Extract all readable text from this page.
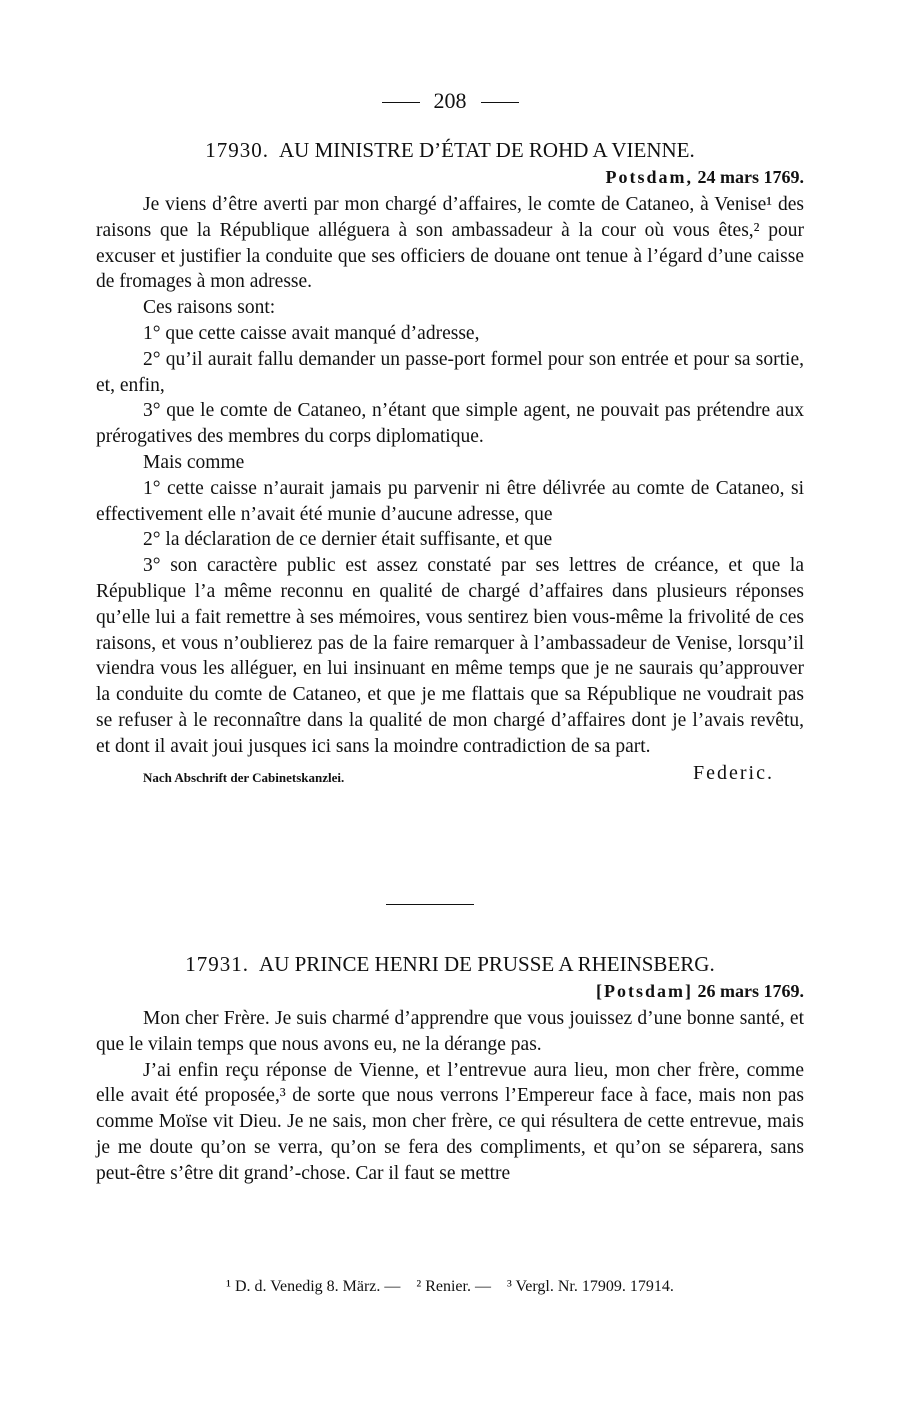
208
17930. AU MINISTRE D’ÉTAT DE ROHD A VIENNE.
Potsdam, 24 mars 1769.

Je viens d’être averti par mon chargé d’affaires, le comte de Cataneo, à Venise¹ des raisons que la République alléguera à son ambassadeur à la cour où vous êtes,² pour excuser et justifier la conduite que ses officiers de douane ont tenue à l’égard d’une caisse de fromages à mon adresse.

Ces raisons sont:

1° que cette caisse avait manqué d’adresse,

2° qu’il aurait fallu demander un passe-port formel pour son entrée et pour sa sortie, et, enfin,

3° que le comte de Cataneo, n’étant que simple agent, ne pouvait pas prétendre aux prérogatives des membres du corps diplomatique.

Mais comme

1° cette caisse n’aurait jamais pu parvenir ni être délivrée au comte de Cataneo, si effectivement elle n’avait été munie d’aucune adresse, que

2° la déclaration de ce dernier était suffisante, et que

3° son caractère public est assez constaté par ses lettres de créance, et que la République l’a même reconnu en qualité de chargé d’affaires dans plusieurs réponses qu’elle lui a fait remettre à ses mémoires, vous sentirez bien vous-même la frivolité de ces raisons, et vous n’oublierez pas de la faire remarquer à l’ambassadeur de Venise, lorsqu’il viendra vous les alléguer, en lui insinuant en même temps que je ne saurais qu’approuver la conduite du comte de Cataneo, et que je me flattais que sa République ne voudrait pas se refuser à le reconnaître dans la qualité de mon chargé d’affaires dont je l’avais revêtu, et dont il avait joui jusques ici sans la moindre contradiction de sa part.

Nach Abschrift der Cabinetskanzlei.	Federic.
17931. AU PRINCE HENRI DE PRUSSE A RHEINSBERG.
[Potsdam] 26 mars 1769.

Mon cher Frère. Je suis charmé d’apprendre que vous jouissez d’une bonne santé, et que le vilain temps que nous avons eu, ne la dérange pas.

J’ai enfin reçu réponse de Vienne, et l’entrevue aura lieu, mon cher frère, comme elle avait été proposée,³ de sorte que nous verrons l’Empereur face à face, mais non pas comme Moïse vit Dieu. Je ne sais, mon cher frère, ce qui résultera de cette entrevue, mais je me doute qu’on se verra, qu’on se fera des compliments, et qu’on se séparera, sans peut-être s’être dit grand’-chose. Car il faut se mettre

¹ D. d. Venedig 8. März. — ² Renier. — ³ Vergl. Nr. 17909. 17914.
